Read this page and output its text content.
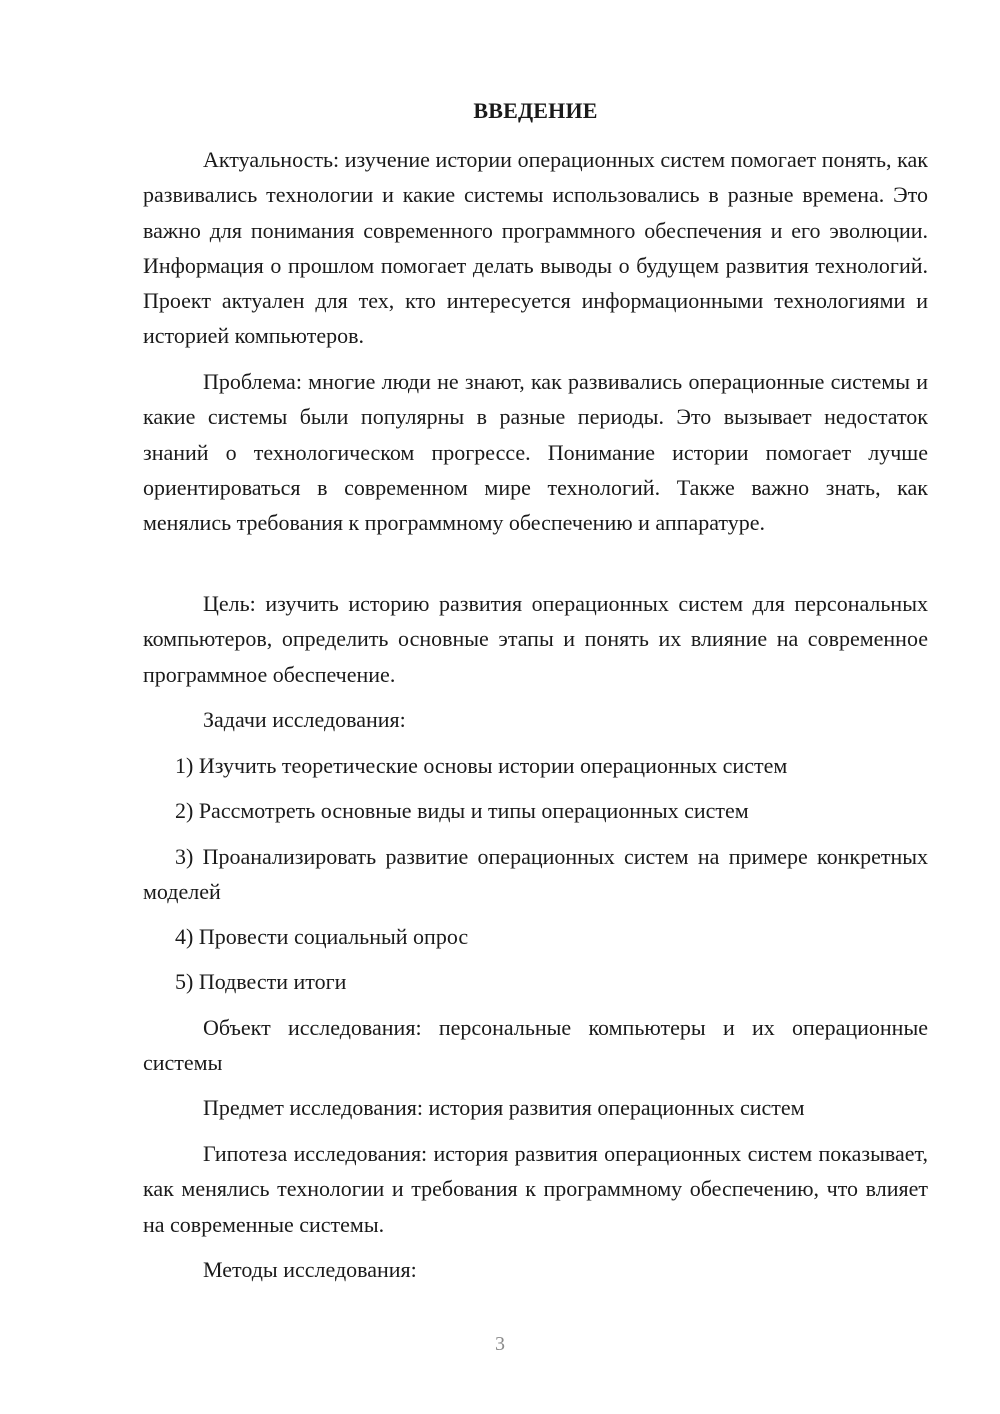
ВВЕДЕНИЕ
Актуальность: изучение истории операционных систем помогает понять, как развивались технологии и какие системы использовались в разные времена. Это важно для понимания современного программного обеспечения и его эволюции. Информация о прошлом помогает делать выводы о будущем развития технологий. Проект актуален для тех, кто интересуется информационными технологиями и историей компьютеров.
Проблема: многие люди не знают, как развивались операционные системы и какие системы были популярны в разные периоды. Это вызывает недостаток знаний о технологическом прогрессе. Понимание истории помогает лучше ориентироваться в современном мире технологий. Также важно знать, как менялись требования к программному обеспечению и аппаратуре.
Цель: изучить историю развития операционных систем для персональных компьютеров, определить основные этапы и понять их влияние на современное программное обеспечение.
Задачи исследования:
1) Изучить теоретические основы истории операционных систем
2) Рассмотреть основные виды и типы операционных систем
3) Проанализировать развитие операционных систем на примере конкретных моделей
4) Провести социальный опрос
5) Подвести итоги
Объект исследования: персональные компьютеры и их операционные системы
Предмет исследования: история развития операционных систем
Гипотеза исследования: история развития операционных систем показывает, как менялись технологии и требования к программному обеспечению, что влияет на современные системы.
Методы исследования:
3
